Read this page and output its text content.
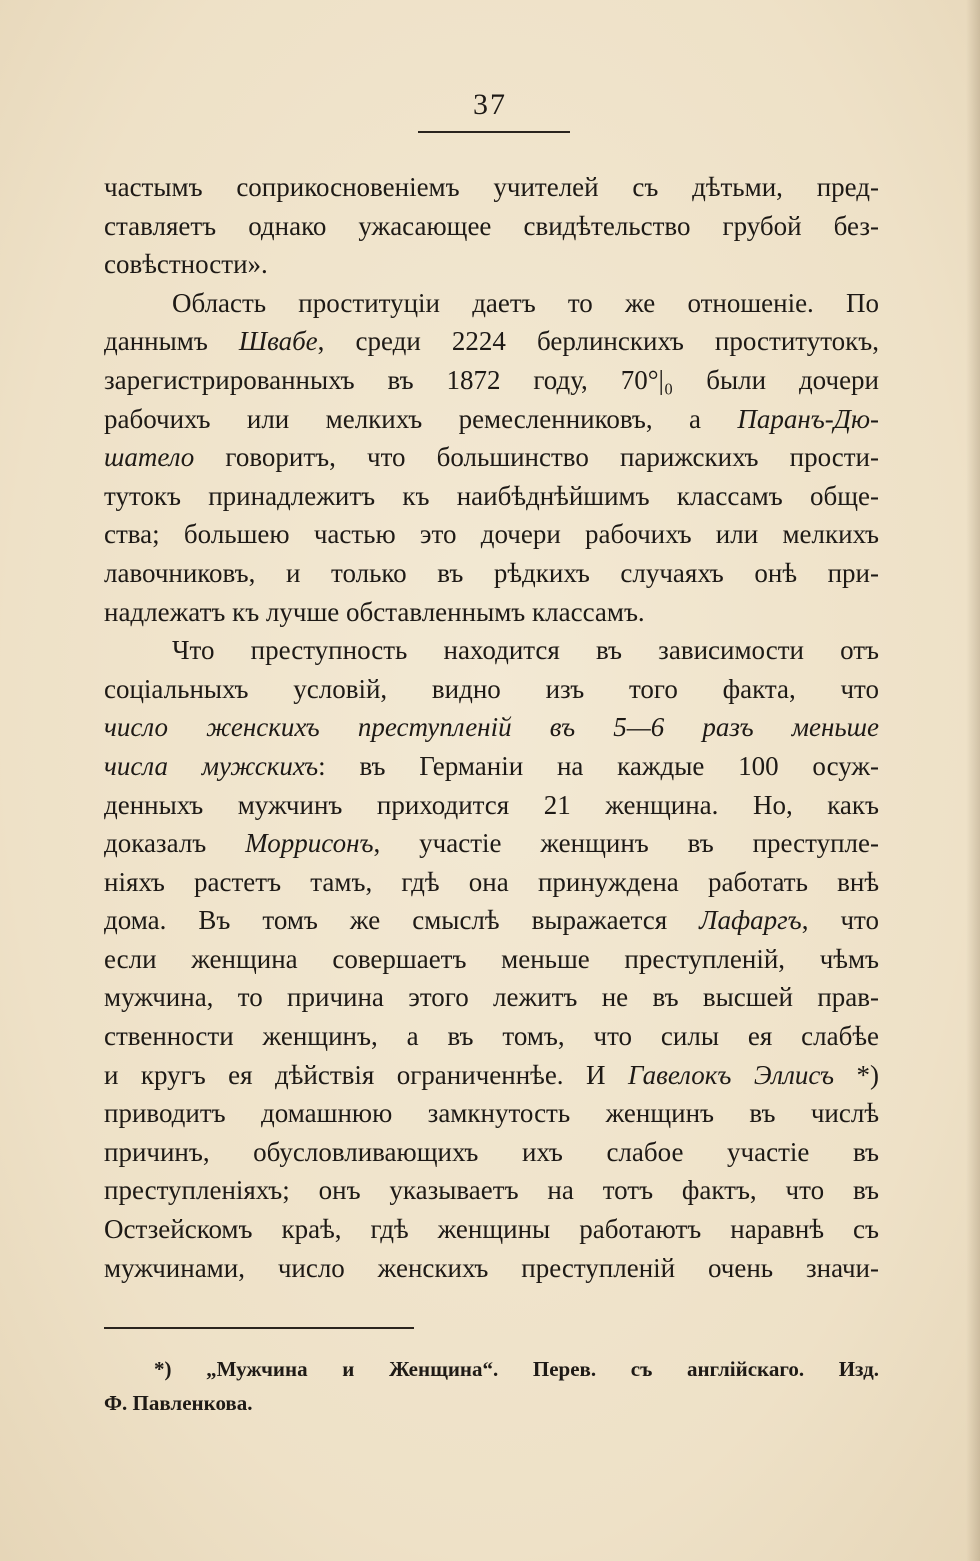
37
частымъ соприкосновеніемъ учителей съ дѣтьми, пред-
ставляетъ однако ужасающее свидѣтельство грубой без-
совѣстности».
Область проституціи даетъ то же отношеніе. По
даннымъ Швабе, среди 2224 берлинскихъ проститутокъ,
зарегистрированныхъ въ 1872 году, 70°|₀ были дочери
рабочихъ или мелкихъ ремесленниковъ, а Паранъ-Дю-
шатело говоритъ, что большинство парижскихъ прости-
тутокъ принадлежитъ къ наибѣднѣйшимъ классамъ обще-
ства; большею частью это дочери рабочихъ или мелкихъ
лавочниковъ, и только въ рѣдкихъ случаяхъ онѣ при-
надлежатъ къ лучше обставленнымъ классамъ.
Что преступность находится въ зависимости отъ
соціальныхъ условій, видно изъ того факта, что
число женскихъ преступленій въ 5—6 разъ меньше
числа мужскихъ: въ Германіи на каждые 100 осуж-
денныхъ мужчинъ приходится 21 женщина. Но, какъ
доказалъ Моррисонъ, участіе женщинъ въ преступле-
ніяхъ растетъ тамъ, гдѣ она принуждена работать внѣ
дома. Въ томъ же смыслѣ выражается Лафаргъ, что
если женщина совершаетъ меньше преступленій, чѣмъ
мужчина, то причина этого лежитъ не въ высшей прав-
ственности женщинъ, а въ томъ, что силы ея слабѣе
и кругъ ея дѣйствія ограниченнѣе. И Гавелокъ Эллисъ *)
приводитъ домашнюю замкнутость женщинъ въ числѣ
причинъ, обусловливающихъ ихъ слабое участіе въ
преступленіяхъ; онъ указываетъ на тотъ фактъ, что въ
Остзейскомъ краѣ, гдѣ женщины работаютъ наравнѣ съ
мужчинами, число женскихъ преступленій очень значи-
*) „Мужчина и Женщина“. Перев. съ англійскаго. Изд.
Ф. Павленкова.
